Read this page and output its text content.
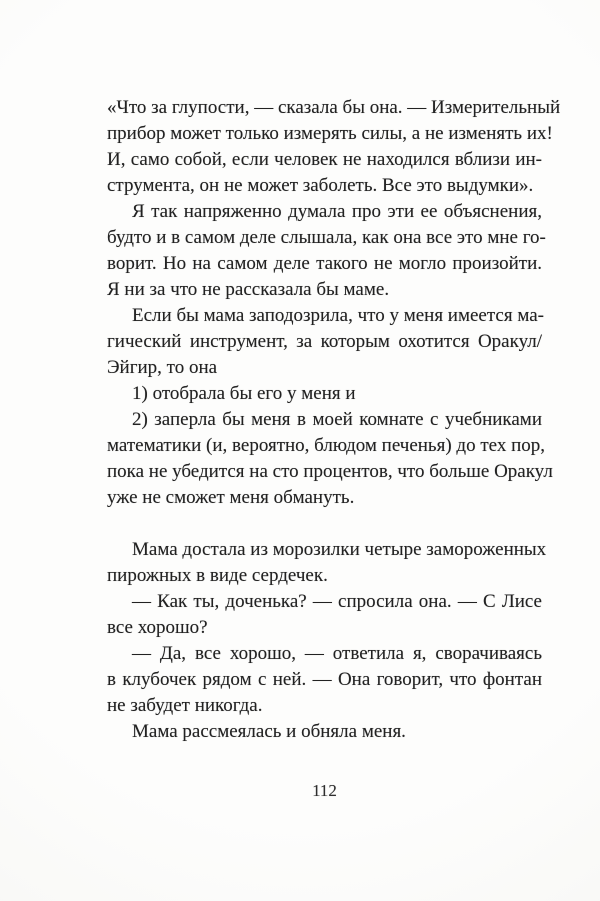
«Что за глупости, — сказала бы она. — Измерительный
прибор может только измерять силы, а не изменять их!
И, само собой, если человек не находился вблизи ин-
струмента, он не может заболеть. Все это выдумки».
Я так напряженно думала про эти ее объяснения,
будто и в самом деле слышала, как она все это мне го-
ворит. Но на самом деле такого не могло произойти.
Я ни за что не рассказала бы маме.
Если бы мама заподозрила, что у меня имеется ма-
гический инструмент, за которым охотится Оракул/
Эйгир, то она
1) отобрала бы его у меня и
2) заперла бы меня в моей комнате с учебниками
математики (и, вероятно, блюдом печенья) до тех пор,
пока не убедится на сто процентов, что больше Оракул
уже не сможет меня обмануть.
Мама достала из морозилки четыре замороженных
пирожных в виде сердечек.
— Как ты, доченька? — спросила она. — С Лисе
все хорошо?
— Да, все хорошо, — ответила я, сворачиваясь
в клубочек рядом с ней. — Она говорит, что фонтан
не забудет никогда.
Мама рассмеялась и обняла меня.
112
